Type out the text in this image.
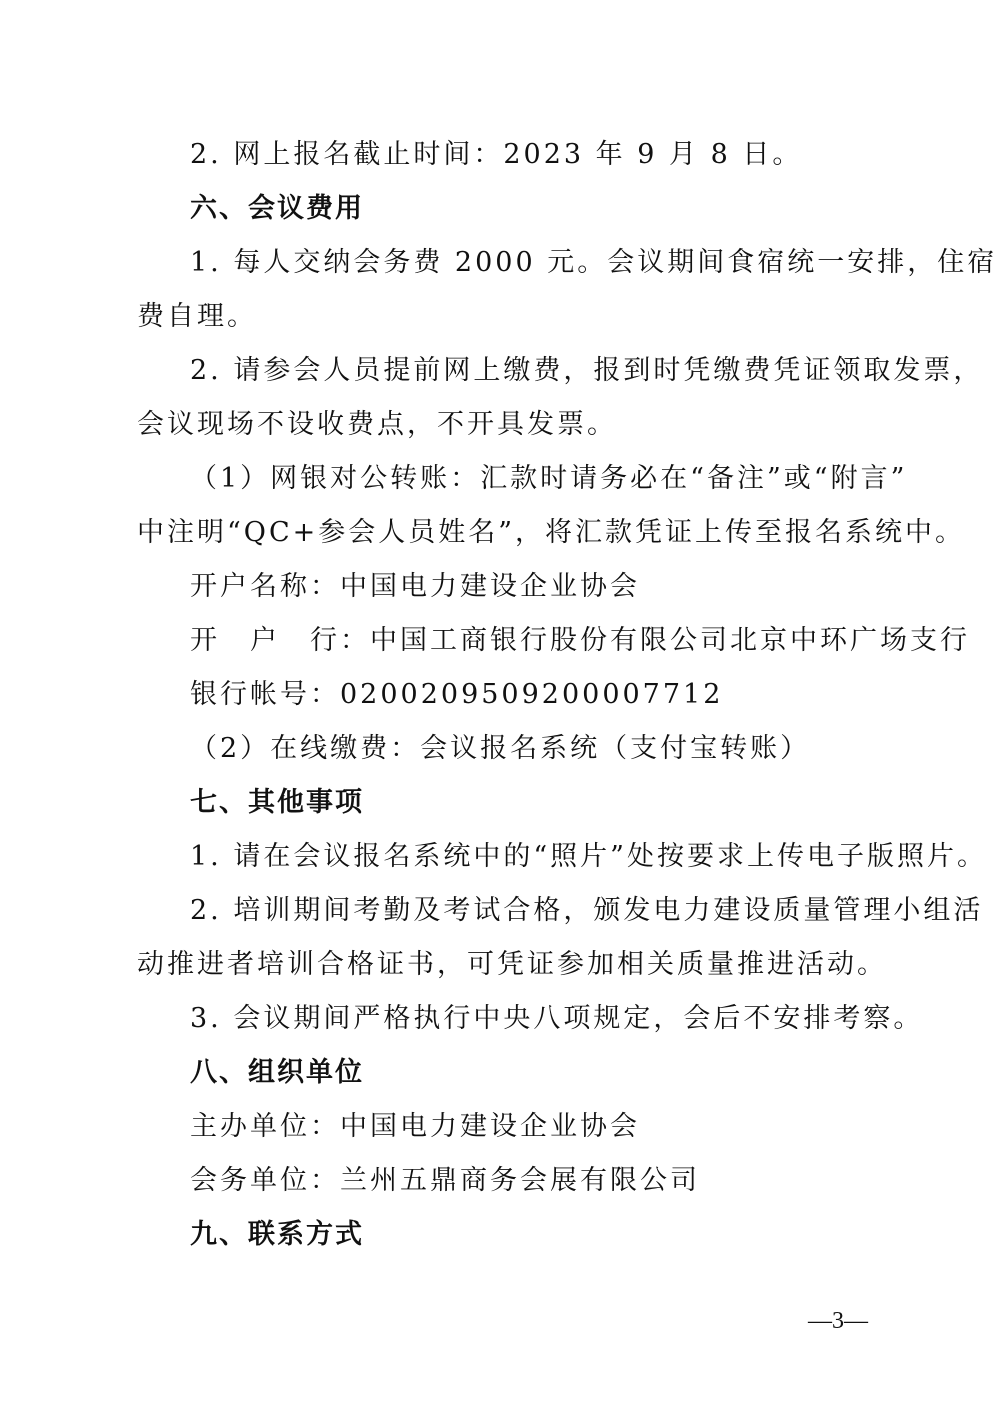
2. 网上报名截止时间：2023 年 9 月 8 日。
六、会议费用
1. 每人交纳会务费 2000 元。会议期间食宿统一安排，住宿
费自理。
2. 请参会人员提前网上缴费，报到时凭缴费凭证领取发票，
会议现场不设收费点，不开具发票。
（1）网银对公转账：汇款时请务必在“备注”或“附言”
中注明“QC+参会人员姓名”，将汇款凭证上传至报名系统中。
开户名称：中国电力建设企业协会
开　户　行：中国工商银行股份有限公司北京中环广场支行
银行帐号：0200209509200007712
（2）在线缴费：会议报名系统（支付宝转账）
七、其他事项
1. 请在会议报名系统中的“照片”处按要求上传电子版照片。
2. 培训期间考勤及考试合格，颁发电力建设质量管理小组活
动推进者培训合格证书，可凭证参加相关质量推进活动。
3. 会议期间严格执行中央八项规定，会后不安排考察。
八、组织单位
主办单位：中国电力建设企业协会
会务单位：兰州五鼎商务会展有限公司
九、联系方式
—3—
